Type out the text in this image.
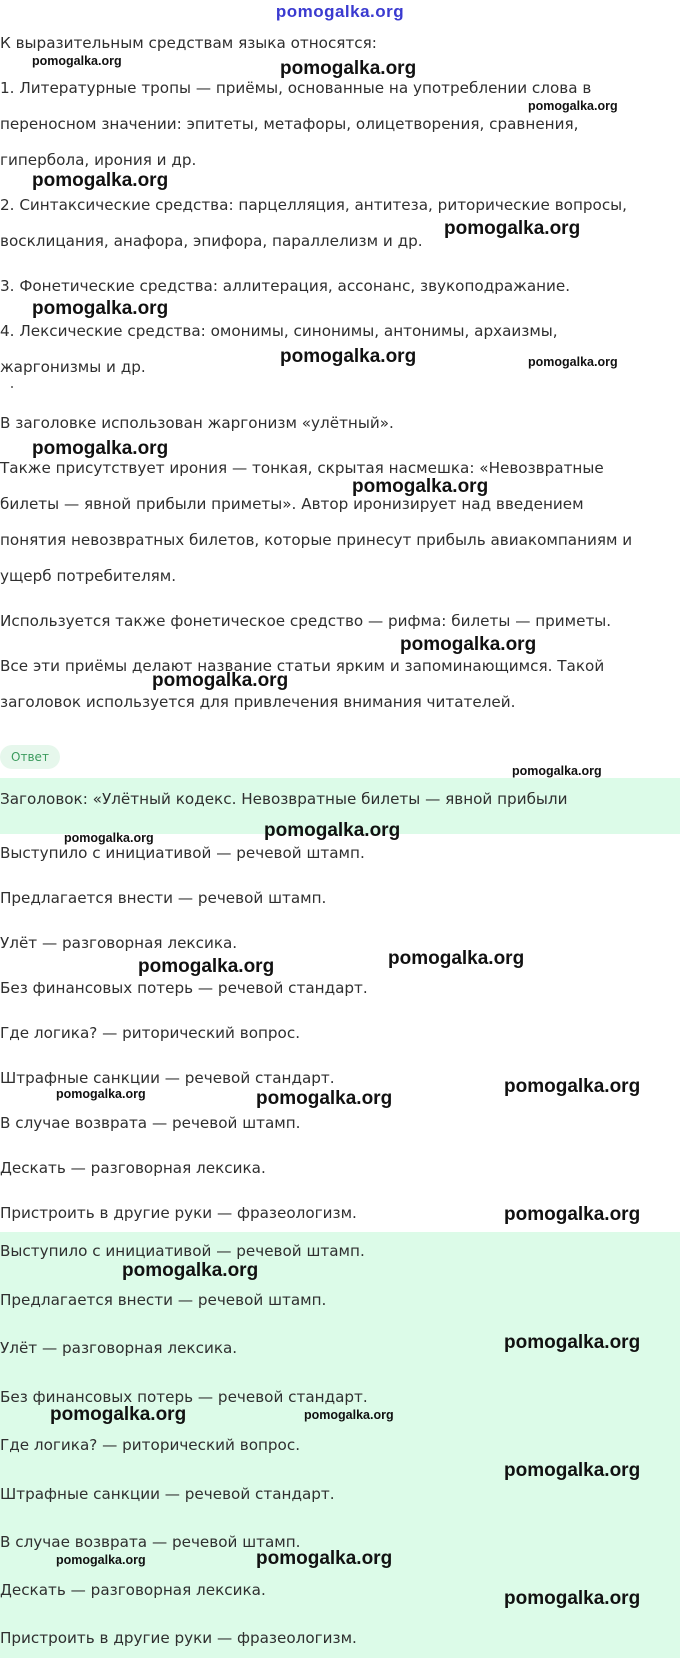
pomogalka.org
К выразительным средствам языка относятся:
1. Литературные тропы — приёмы, основанные на употреблении слова в
переносном значении: эпитеты, метафоры, олицетворения, сравнения,
гипербола, ирония и др.
2. Синтаксические средства: парцелляция, антитеза, риторические вопросы,
восклицания, анафора, эпифора, параллелизм и др.
3. Фонетические средства: аллитерация, ассонанс, звукоподражание.
4. Лексические средства: омонимы, синонимы, антонимы, архаизмы,
жаргонизмы и др.
В заголовке использован жаргонизм «улётный».
Также присутствует ирония — тонкая, скрытая насмешка: «Невозвратные
билеты — явной прибыли приметы». Автор иронизирует над введением
понятия невозвратных билетов, которые принесут прибыль авиакомпаниям и
ущерб потребителям.
Используется также фонетическое средство — рифма: билеты — приметы.
Все эти приёмы делают название статьи ярким и запоминающимся. Такой
заголовок используется для привлечения внимания читателей.
Ответ
Заголовок: «Улётный кодекс. Невозвратные билеты — явной прибыли
Выступило с инициативой — речевой штамп.
Предлагается внести — речевой штамп.
Улёт — разговорная лексика.
Без финансовых потерь — речевой стандарт.
Где логика? — риторический вопрос.
Штрафные санкции — речевой стандарт.
В случае возврата — речевой штамп.
Дескать — разговорная лексика.
Пристроить в другие руки — фразеологизм.
Выступило с инициативой — речевой штамп.
Предлагается внести — речевой штамп.
Улёт — разговорная лексика.
Без финансовых потерь — речевой стандарт.
Где логика? — риторический вопрос.
Штрафные санкции — речевой стандарт.
В случае возврата — речевой штамп.
Дескать — разговорная лексика.
Пристроить в другие руки — фразеологизм.
pomogalka.org	pomogalka.org
pomogalka.org
pomogalka.org
pomogalka.org
pomogalka.org
pomogalka.org	pomogalka.org
pomogalka.org
pomogalka.org
pomogalka.org
pomogalka.org
pomogalka.org
pomogalka.org	pomogalka.org
pomogalka.org	pomogalka.org
pomogalka.org
pomogalka.org	pomogalka.org
pomogalka.org
pomogalka.org
pomogalka.org
pomogalka.org	pomogalka.org
pomogalka.org
pomogalka.org	pomogalka.org
pomogalka.org
